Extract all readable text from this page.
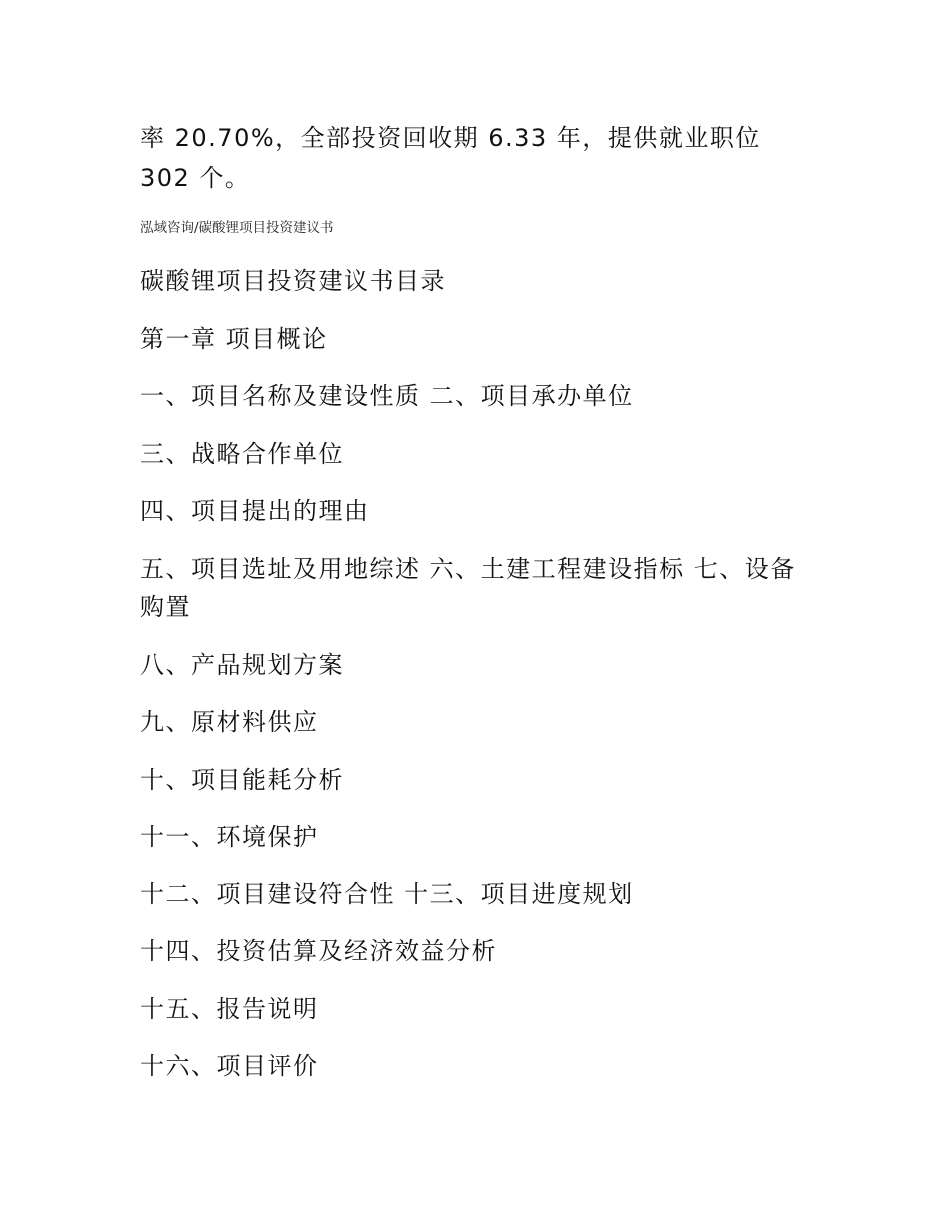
率 20.70%，全部投资回收期 6.33 年，提供就业职位
302 个。
泓域咨询/碳酸锂项目投资建议书
碳酸锂项目投资建议书目录
第一章 项目概论
一、项目名称及建设性质 二、项目承办单位
三、战略合作单位
四、项目提出的理由
五、项目选址及用地综述 六、土建工程建设指标 七、设备购置
八、产品规划方案
九、原材料供应
十、项目能耗分析
十一、环境保护
十二、项目建设符合性 十三、项目进度规划
十四、投资估算及经济效益分析
十五、报告说明
十六、项目评价
